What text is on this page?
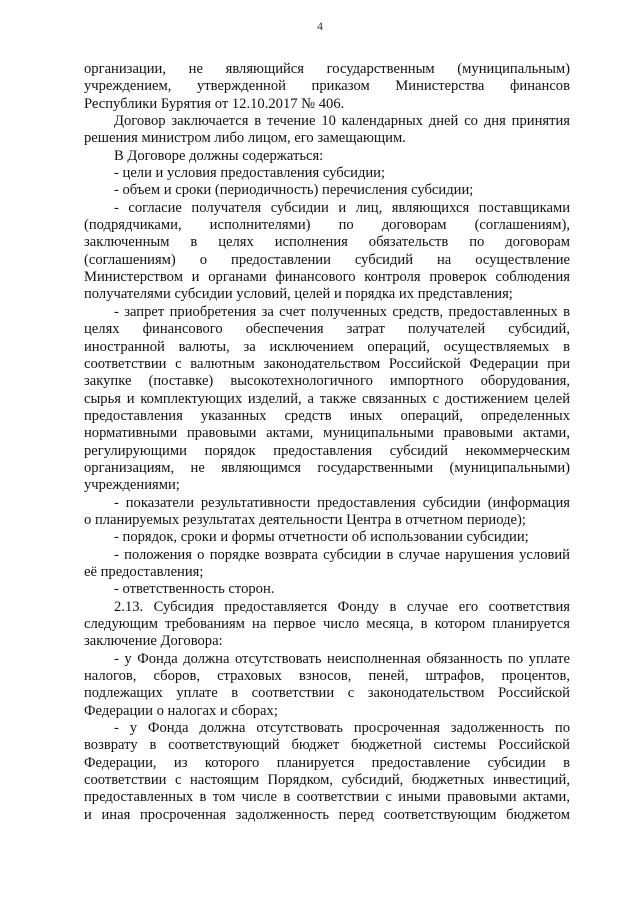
4
организации, не являющийся государственным (муниципальным)
учреждением, утвержденной приказом Министерства финансов
Республики Бурятия от 12.10.2017 № 406.
Договор заключается в течение 10 календарных дней со дня принятия
решения министром либо лицом, его замещающим.
В Договоре должны содержаться:
- цели и условия предоставления субсидии;
- объем и сроки (периодичность) перечисления субсидии;
- согласие получателя субсидии и лиц, являющихся поставщиками
(подрядчиками, исполнителями) по договорам (соглашениям),
заключенным в целях исполнения обязательств по договорам
(соглашениям) о предоставлении субсидий на осуществление
Министерством и органами финансового контроля проверок соблюдения
получателями субсидии условий, целей и порядка их представления;
- запрет приобретения за счет полученных средств, предоставленных в
целях финансового обеспечения затрат получателей субсидий,
иностранной валюты, за исключением операций, осуществляемых в
соответствии с валютным законодательством Российской Федерации при
закупке (поставке) высокотехнологичного импортного оборудования,
сырья и комплектующих изделий, а также связанных с достижением целей
предоставления указанных средств иных операций, определенных
нормативными правовыми актами, муниципальными правовыми актами,
регулирующими порядок предоставления субсидий некоммерческим
организациям, не являющимся государственными (муниципальными)
учреждениями;
- показатели результативности предоставления субсидии (информация
о планируемых результатах деятельности Центра в отчетном периоде);
- порядок, сроки и формы отчетности об использовании субсидии;
- положения о порядке возврата субсидии в случае нарушения условий
её предоставления;
- ответственность сторон.
2.13. Субсидия предоставляется Фонду в случае его соответствия
следующим требованиям на первое число месяца, в котором планируется
заключение Договора:
- у Фонда должна отсутствовать неисполненная обязанность по уплате
налогов, сборов, страховых взносов, пеней, штрафов, процентов,
подлежащих уплате в соответствии с законодательством Российской
Федерации о налогах и сборах;
- у Фонда должна отсутствовать просроченная задолженность по
возврату в соответствующий бюджет бюджетной системы Российской
Федерации, из которого планируется предоставление субсидии в
соответствии с настоящим Порядком, субсидий, бюджетных инвестиций,
предоставленных в том числе в соответствии с иными правовыми актами,
и иная просроченная задолженность перед соответствующим бюджетом
